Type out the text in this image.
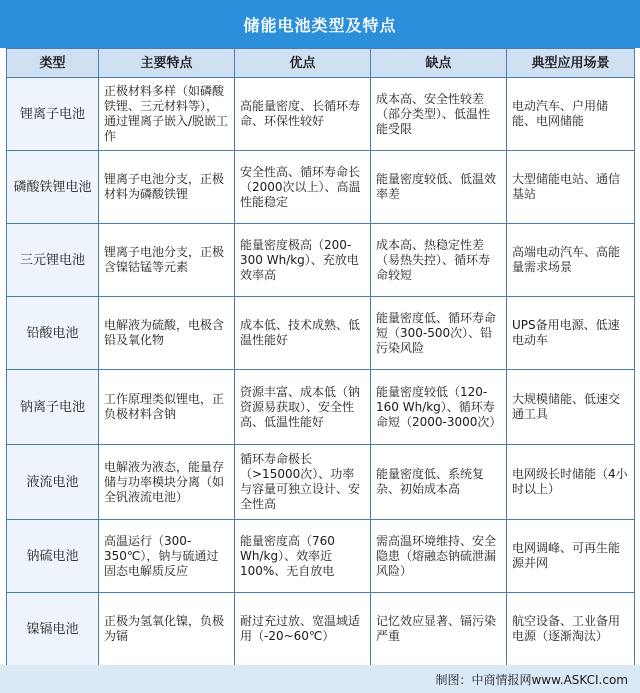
储能电池类型及特点
类型	主要特点	优点	缺点	典型应用场景
锂离子电池	正极材料多样（如磷酸铁锂、三元材料等），通过锂离子嵌入/脱嵌工作	高能量密度、长循环寿命、环保性较好	成本高、安全性较差（部分类型）、低温性能受限	电动汽车、户用储能、电网储能
磷酸铁锂电池	锂离子电池分支，正极材料为磷酸铁锂	安全性高、循环寿命长（2000次以上）、高温性能稳定	能量密度较低、低温效率差	大型储能电站、通信基站
三元锂电池	锂离子电池分支，正极含镍钴锰等元素	能量密度极高（200-300 Wh/kg）、充放电效率高	成本高、热稳定性差（易热失控）、循环寿命较短	高端电动汽车、高能量需求场景
铅酸电池	电解液为硫酸，电极含铅及氧化物	成本低、技术成熟、低温性能好	能量密度低、循环寿命短（300-500次）、铅污染风险	UPS备用电源、低速电动车
钠离子电池	工作原理类似锂电，正负极材料含钠	资源丰富、成本低（钠资源易获取）、安全性高、低温性能好	能量密度较低（120-160 Wh/kg）、循环寿命短（2000-3000次）	大规模储能、低速交通工具
液流电池	电解液为液态，能量存储与功率模块分离（如全钒液流电池）	循环寿命极长（>15000次）、功率与容量可独立设计、安全性高	能量密度低、系统复杂、初始成本高	电网级长时储能（4小时以上）
钠硫电池	高温运行（300-350℃），钠与硫通过固态电解质反应	能量密度高（760 Wh/kg）、效率近100%、无自放电	需高温环境维持、安全隐患（熔融态钠硫泄漏风险）	电网调峰、可再生能源并网
镍镉电池	正极为氢氧化镍，负极为镉	耐过充过放、宽温域适用（-20~60℃）	记忆效应显著、镉污染严重	航空设备、工业备用电源（逐渐淘汰）
制图：中商情报网www.ASKCI.com
